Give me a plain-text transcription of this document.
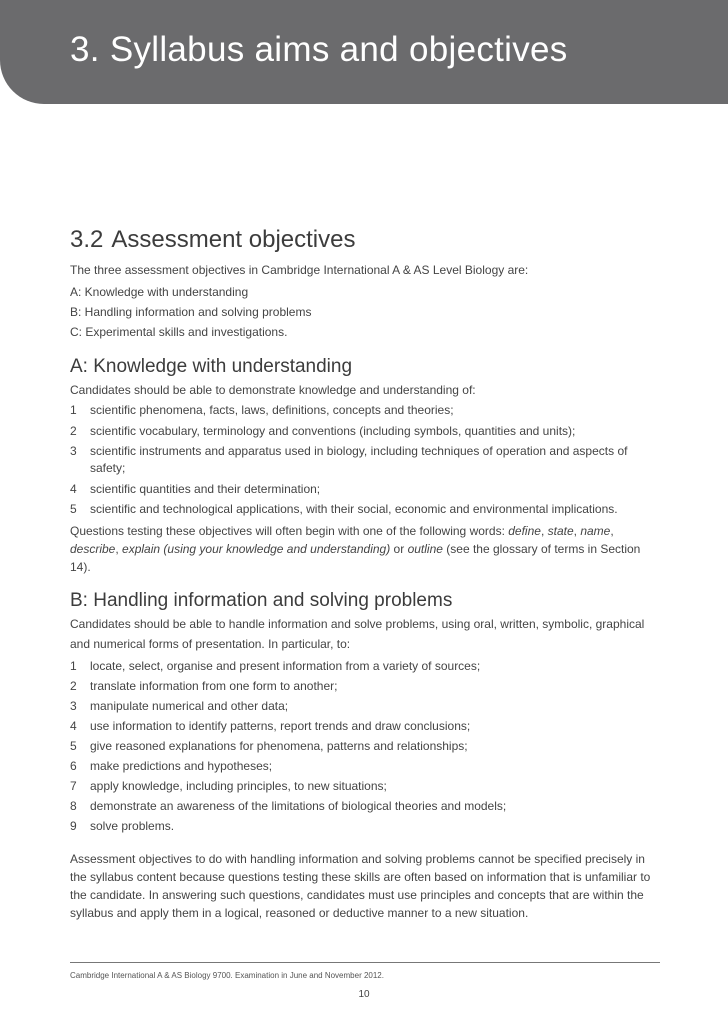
3. Syllabus aims and objectives
3.2 Assessment objectives

The three assessment objectives in Cambridge International A & AS Level Biology are:

A: Knowledge with understanding

B: Handling information and solving problems

C: Experimental skills and investigations.

A: Knowledge with understanding

Candidates should be able to demonstrate knowledge and understanding of:

1 scientific phenomena, facts, laws, definitions, concepts and theories;
2 scientific vocabulary, terminology and conventions (including symbols, quantities and units);
3 scientific instruments and apparatus used in biology, including techniques of operation and aspects of safety;
4 scientific quantities and their determination;
5 scientific and technological applications, with their social, economic and environmental implications.

Questions testing these objectives will often begin with one of the following words: define, state, name, describe, explain (using your knowledge and understanding) or outline (see the glossary of terms in Section 14).

B: Handling information and solving problems

Candidates should be able to handle information and solve problems, using oral, written, symbolic, graphical and numerical forms of presentation. In particular, to:

1 locate, select, organise and present information from a variety of sources;
2 translate information from one form to another;
3 manipulate numerical and other data;
4 use information to identify patterns, report trends and draw conclusions;
5 give reasoned explanations for phenomena, patterns and relationships;
6 make predictions and hypotheses;
7 apply knowledge, including principles, to new situations;
8 demonstrate an awareness of the limitations of biological theories and models;
9 solve problems.

Assessment objectives to do with handling information and solving problems cannot be specified precisely in the syllabus content because questions testing these skills are often based on information that is unfamiliar to the candidate. In answering such questions, candidates must use principles and concepts that are within the syllabus and apply them in a logical, reasoned or deductive manner to a new situation.

Cambridge International A & AS Biology 9700. Examination in June and November 2012.
10
